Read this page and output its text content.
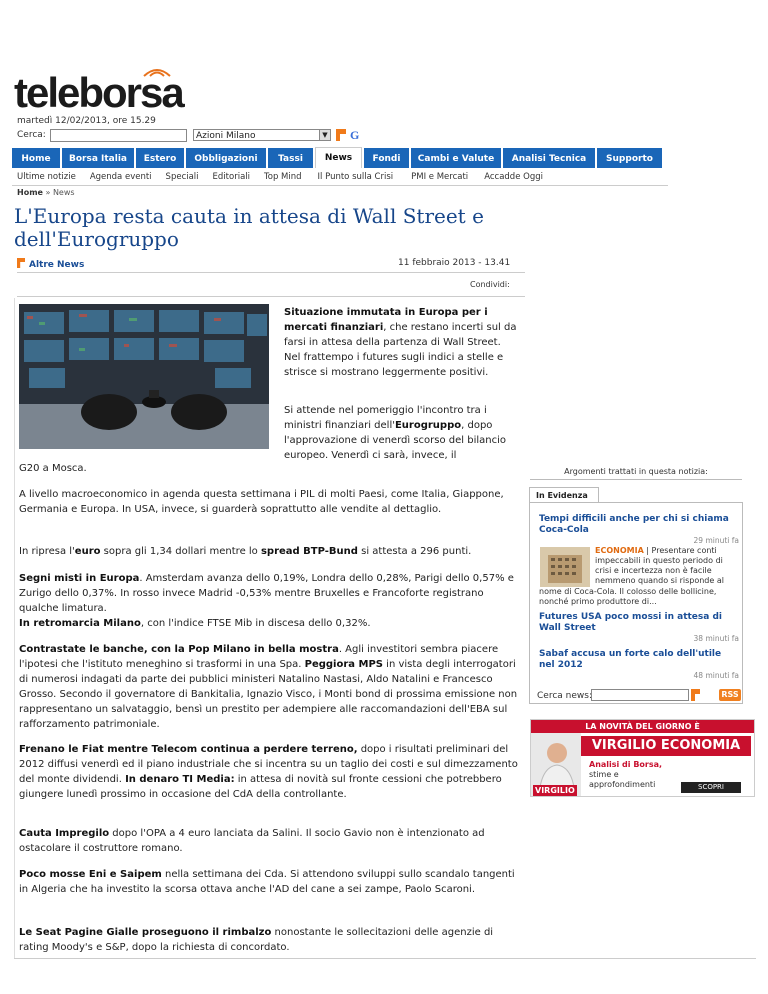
teleborsa
martedì 12/02/2013, ore 15.29
Cerca:	Azioni Milano	▼ G
Home	Borsa Italia	Estero	Obbligazioni	Tassi	News	Fondi	Cambi e Valute	Analisi Tecnica	Supporto
Ultime notizie Agenda eventi Speciali Editoriali Top Mind Il Punto sulla Crisi PMI e Mercati Accadde Oggi
Home » News
L'Europa resta cauta in attesa di Wall Street e dell'Eurogruppo
Altre News	11 febbraio 2013 - 13.41
Condividi:
Situazione immutata in Europa per i mercati finanziari, che restano incerti sul da farsi in attesa della partenza di Wall Street. Nel frattempo i futures sugli indici a stelle e strisce si mostrano leggermente positivi.
Si attende nel pomeriggio l'incontro tra i ministri finanziari dell'Eurogruppo, dopo l'approvazione di venerdì scorso del bilancio europeo. Venerdì ci sarà, invece, il
G20 a Mosca.
A livello macroeconomico in agenda questa settimana i PIL di molti Paesi, come Italia, Giappone, Germania e Europa. In USA, invece, si guarderà soprattutto alle vendite al dettaglio.
In ripresa l'euro sopra gli 1,34 dollari mentre lo spread BTP-Bund si attesta a 296 punti.
Segni misti in Europa. Amsterdam avanza dello 0,19%, Londra dello 0,28%, Parigi dello 0,57% e Zurigo dello 0,37%. In rosso invece Madrid -0,53% mentre Bruxelles e Francoforte registrano qualche limatura.
In retromarcia Milano, con l'indice FTSE Mib in discesa dello 0,32%.
Contrastate le banche, con la Pop Milano in bella mostra. Agli investitori sembra piacere l'ipotesi che l'istituto meneghino si trasformi in una Spa. Peggiora MPS in vista degli interrogatori di numerosi indagati da parte dei pubblici ministeri Natalino Nastasi, Aldo Natalini e Francesco Grosso. Secondo il governatore di Bankitalia, Ignazio Visco, i Monti bond di prossima emissione non rappresentano un salvataggio, bensì un prestito per adempiere alle raccomandazioni dell'EBA sul rafforzamento patrimoniale.
Frenano le Fiat mentre Telecom continua a perdere terreno, dopo i risultati preliminari del 2012 diffusi venerdì ed il piano industriale che si incentra su un taglio dei costi e sul dimezzamento del monte dividendi. In denaro TI Media: in attesa di novità sul fronte cessioni che potrebbero giungere lunedì prossimo in occasione del CdA della controllante.
Cauta Impregilo dopo l'OPA a 4 euro lanciata da Salini. Il socio Gavio non è intenzionato ad ostacolare il costruttore romano.
Poco mosse Eni e Saipem nella settimana dei Cda. Si attendono sviluppi sullo scandalo tangenti in Algeria che ha investito la scorsa ottava anche l'AD del cane a sei zampe, Paolo Scaroni.
Le Seat Pagine Gialle proseguono il rimbalzo nonostante le sollecitazioni delle agenzie di rating Moody's e S&P, dopo la richiesta di concordato.
Argomenti trattati in questa notizia:
In Evidenza
Tempi difficili anche per chi si chiama Coca-Cola
29 minuti fa
ECONOMIA | Presentare conti impeccabili in questo periodo di crisi e incertezza non è facile nemmeno quando si risponde al
nome di Coca-Cola. Il colosso delle bollicine, nonché primo produttore di...
Futures USA poco mossi in attesa di Wall Street
38 minuti fa
Sabaf accusa un forte calo dell'utile nel 2012
48 minuti fa
Cerca news:	RSS
LA NOVITÀ DEL GIORNO È
VIRGILIO
VIRGILIO ECONOMIA
Analisi di Borsa,
stime e
approfondimenti	SCOPRI
